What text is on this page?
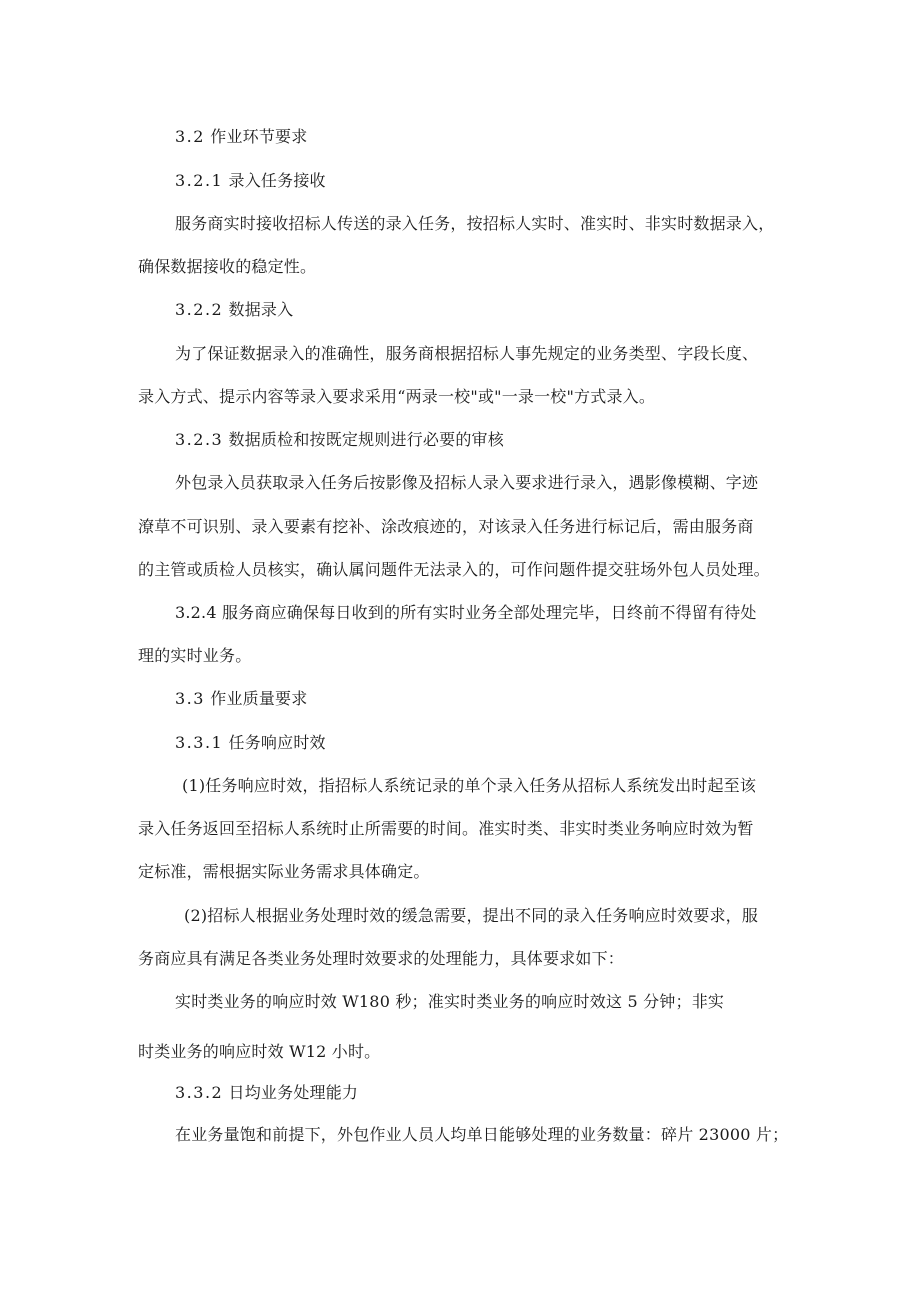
3.2 作业环节要求
3.2.1 录入任务接收
服务商实时接收招标人传送的录入任务，按招标人实时、准实时、非实时数据录入，
确保数据接收的稳定性。
3.2.2 数据录入
为了保证数据录入的准确性，服务商根据招标人事先规定的业务类型、字段长度、
录入方式、提示内容等录入要求采用“两录一校"或"一录一校"方式录入。
3.2.3 数据质检和按既定规则进行必要的审核
外包录入员获取录入任务后按影像及招标人录入要求进行录入，遇影像模糊、字迹
潦草不可识别、录入要素有挖补、涂改痕迹的，对该录入任务进行标记后，需由服务商
的主管或质检人员核实，确认属问题件无法录入的，可作问题件提交驻场外包人员处理。
3.2.4 服务商应确保每日收到的所有实时业务全部处理完毕，日终前不得留有待处
理的实时业务。
3.3 作业质量要求
3.3.1 任务响应时效
(1)任务响应时效，指招标人系统记录的单个录入任务从招标人系统发出时起至该
录入任务返回至招标人系统时止所需要的时间。准实时类、非实时类业务响应时效为暂
定标准，需根据实际业务需求具体确定。
(2)招标人根据业务处理时效的缓急需要，提出不同的录入任务响应时效要求，服
务商应具有满足各类业务处理时效要求的处理能力，具体要求如下：
实时类业务的响应时效 W180 秒；准实时类业务的响应时效这 5 分钟；非实
时类业务的响应时效 W12 小时。
3.3.2 日均业务处理能力
在业务量饱和前提下，外包作业人员人均单日能够处理的业务数量：碎片 23000 片；
